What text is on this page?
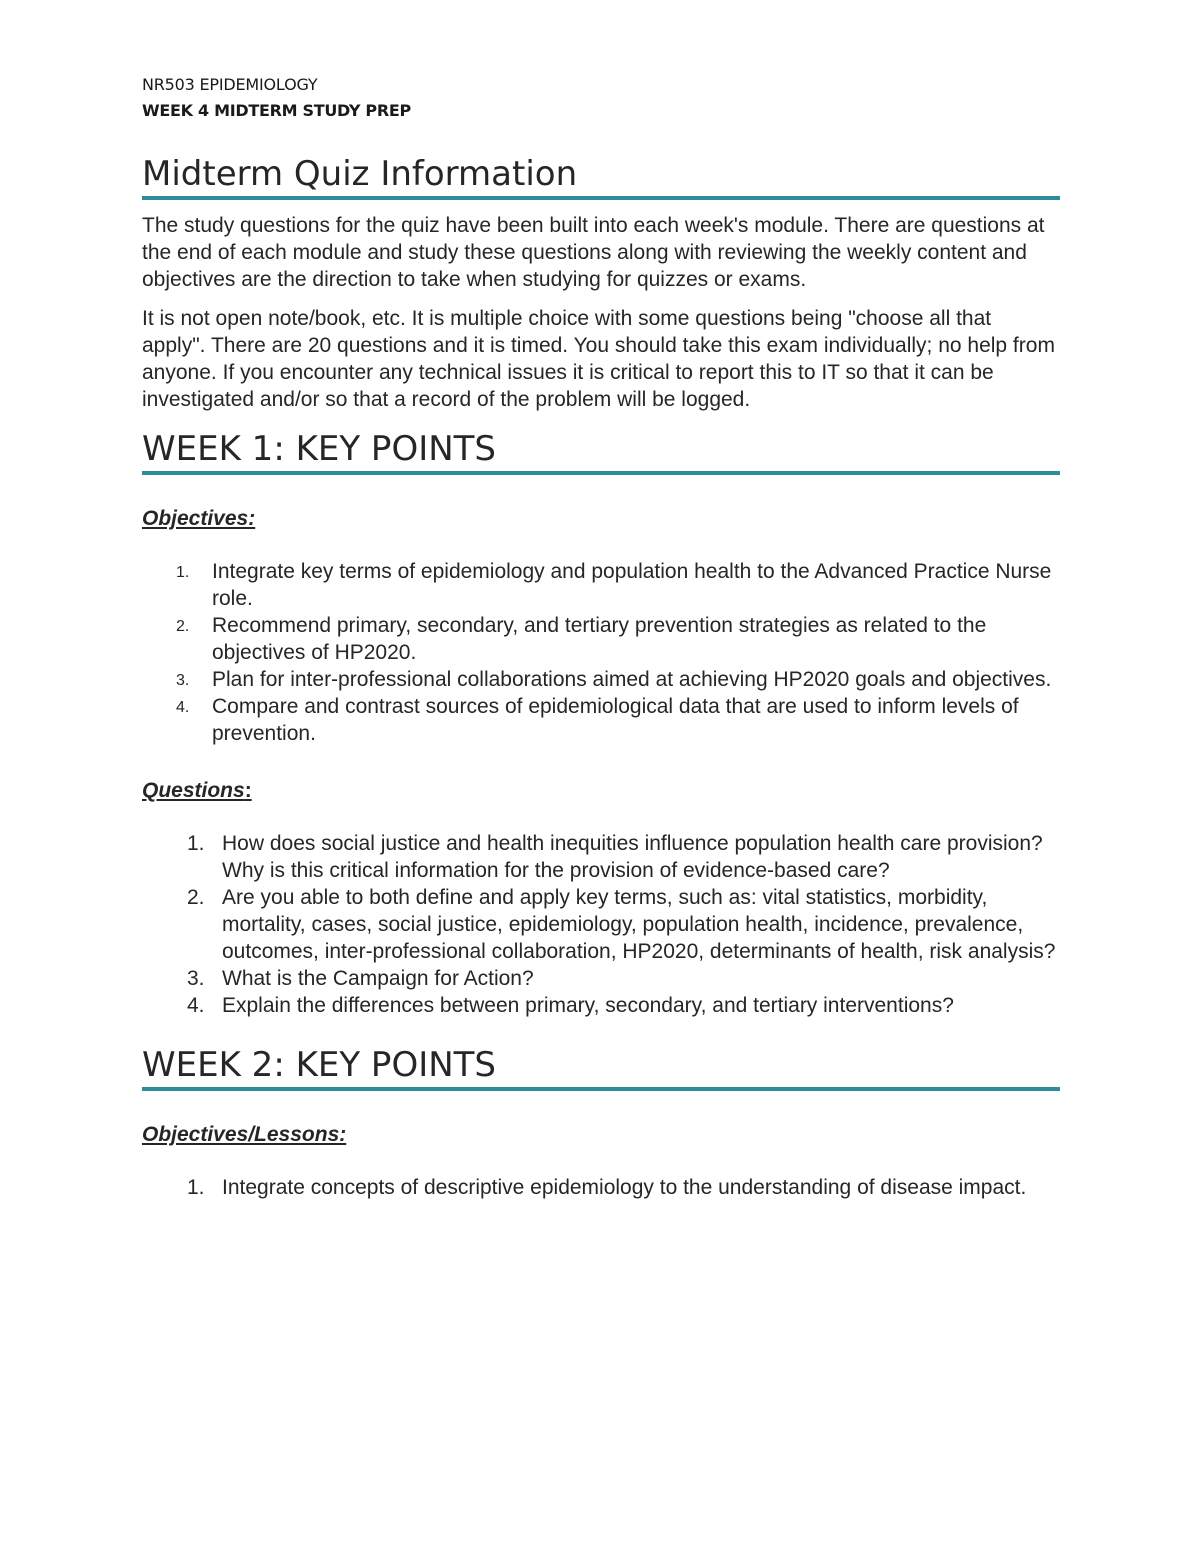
NR503 EPIDEMIOLOGY
WEEK 4 MIDTERM STUDY PREP
Midterm Quiz Information

The study questions for the quiz have been built into each week's module. There are questions at the end of each module and study these questions along with reviewing the weekly content and objectives are the direction to take when studying for quizzes or exams.

It is not open note/book, etc. It is multiple choice with some questions being "choose all that apply". There are 20 questions and it is timed. You should take this exam individually; no help from anyone. If you encounter any technical issues it is critical to report this to IT so that it can be investigated and/or so that a record of the problem will be logged.

WEEK 1: KEY POINTS
Objectives:
1. Integrate key terms of epidemiology and population health to the Advanced Practice Nurse role.
2. Recommend primary, secondary, and tertiary prevention strategies as related to the objectives of HP2020.
3. Plan for inter-professional collaborations aimed at achieving HP2020 goals and objectives.
4. Compare and contrast sources of epidemiological data that are used to inform levels of prevention.
Questions:
1. How does social justice and health inequities influence population health care provision? Why is this critical information for the provision of evidence-based care?
2. Are you able to both define and apply key terms, such as: vital statistics, morbidity, mortality, cases, social justice, epidemiology, population health, incidence, prevalence, outcomes, inter-professional collaboration, HP2020, determinants of health, risk analysis?
3. What is the Campaign for Action?
4. Explain the differences between primary, secondary, and tertiary interventions?
WEEK 2: KEY POINTS
Objectives/Lessons:
1. Integrate concepts of descriptive epidemiology to the understanding of disease impact.
